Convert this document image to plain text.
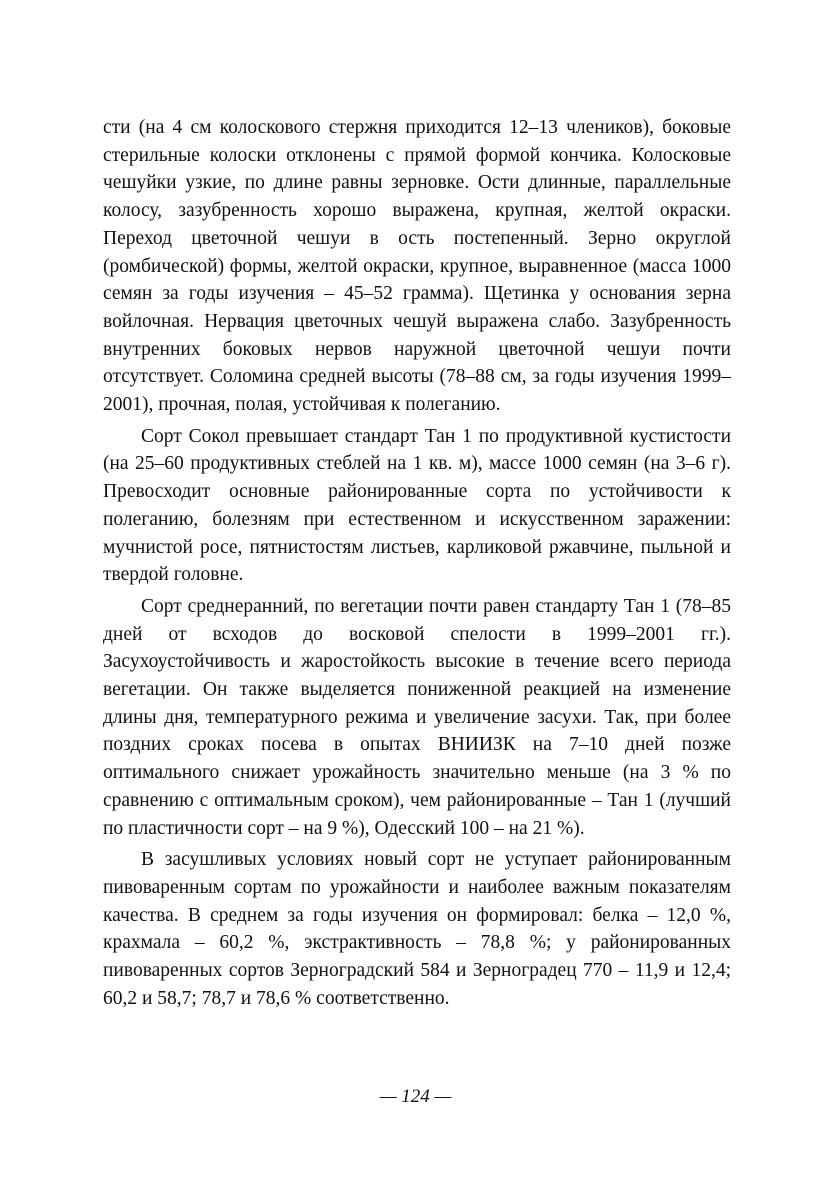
сти (на 4 см колоскового стержня приходится 12–13 члеников), боковые стерильные колоски отклонены с прямой формой кончика. Колосковые чешуйки узкие, по длине равны зерновке. Ости длинные, параллельные колосу, зазубренность хорошо выражена, крупная, желтой окраски. Переход цветочной чешуи в ость постепенный. Зерно округлой (ромбической) формы, желтой окраски, крупное, выравненное (масса 1000 семян за годы изучения – 45–52 грамма). Щетинка у основания зерна войлочная. Нервация цветочных чешуй выражена слабо. Зазубренность внутренних боковых нервов наружной цветочной чешуи почти отсутствует. Соломина средней высоты (78–88 см, за годы изучения 1999–2001), прочная, полая, устойчивая к полеганию.

Сорт Сокол превышает стандарт Тан 1 по продуктивной кустистости (на 25–60 продуктивных стеблей на 1 кв. м), массе 1000 семян (на 3–6 г). Превосходит основные районированные сорта по устойчивости к полеганию, болезням при естественном и искусственном заражении: мучнистой росе, пятнистостям листьев, карликовой ржавчине, пыльной и твердой головне.

Сорт среднеранний, по вегетации почти равен стандарту Тан 1 (78–85 дней от всходов до восковой спелости в 1999–2001 гг.). Засухоустойчивость и жаростойкость высокие в течение всего периода вегетации. Он также выделяется пониженной реакцией на изменение длины дня, температурного режима и увеличение засухи. Так, при более поздних сроках посева в опытах ВНИИЗК на 7–10 дней позже оптимального снижает урожайность значительно меньше (на 3 % по сравнению с оптимальным сроком), чем районированные – Тан 1 (лучший по пластичности сорт – на 9 %), Одесский 100 – на 21 %).

В засушливых условиях новый сорт не уступает районированным пивоваренным сортам по урожайности и наиболее важным показателям качества. В среднем за годы изучения он формировал: белка – 12,0 %, крахмала – 60,2 %, экстрактивность – 78,8 %; у районированных пивоваренных сортов Зерноградский 584 и Зерноградец 770 – 11,9 и 12,4; 60,2 и 58,7; 78,7 и 78,6 % соответственно.

— 124 —
